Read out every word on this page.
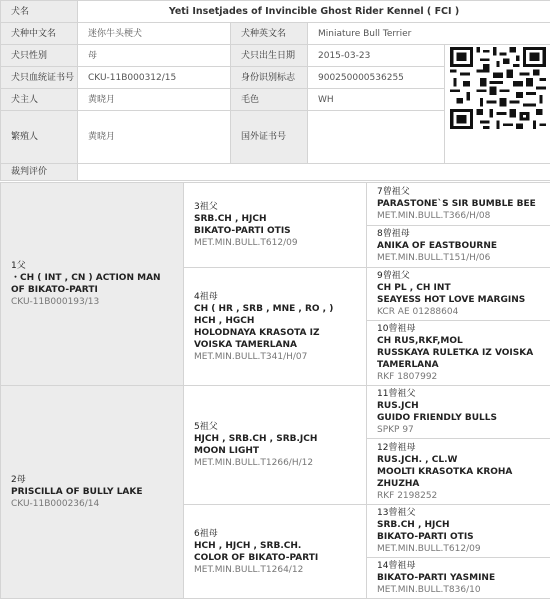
犬名	Yeti Insetjades of Invincible Ghost Rider Kennel ( FCI )			
犬种中文名	迷你牛头梗犬	犬种英文名	Miniature Bull Terrier	
犬只性别	母	犬只出生日期	2015-03-23	

犬只血统证书号	CKU-11B000312/15	身份识别标志	900250000536255	
犬主人	黄晓月	毛色	WH	
繁殖人	黄晓月	国外证书号		
裁判评价				
1父
・CH ( INT , CN ) ACTION MAN OF BIKATO-PARTI
CKU-11B000193/13	3祖父
SRB.CH , HJCH
BIKATO-PARTI OTIS
MET.MIN.BULL.T612/09	7曾祖父
PARASTONE`S SIR BUMBLE BEE
MET.MIN.BULL.T366/H/08

		8曾祖母
ANIKA OF EASTBOURNE
MET.MIN.BULL.T151/H/06

	4祖母
CH ( HR , SRB , MNE , RO , ) HCH , HGCH
HOLODNAYA KRASOTA IZ VOISKA TAMERLANA
MET.MIN.BULL.T341/H/07	9曾祖父
CH PL , CH INT
SEAYESS HOT LOVE MARGINS
KCR AE 01288604

		10曾祖母
CH RUS,RKF,MOL
RUSSKAYA RULETKA IZ VOISKA TAMERLANA
RKF 1807992

2母
PRISCILLA OF BULLY LAKE
CKU-11B000236/14	5祖父
HJCH , SRB.CH , SRB.JCH
MOON LIGHT
MET.MIN.BULL.T1266/H/12	11曾祖父
RUS.JCH
GUIDO FRIENDLY BULLS
SPKP 97

		12曾祖母
RUS.JCH. , CL.W
MOOLTI KRASOTKA KROHA ZHUZHA
RKF 2198252

	6祖母
HCH , HJCH , SRB.CH.
COLOR OF BIKATO-PARTI
MET.MIN.BULL.T1264/12	13曾祖父
SRB.CH , HJCH
BIKATO-PARTI OTIS
MET.MIN.BULL.T612/09

		14曾祖母
BIKATO-PARTI YASMINE
MET.MIN.BULL.T836/10
